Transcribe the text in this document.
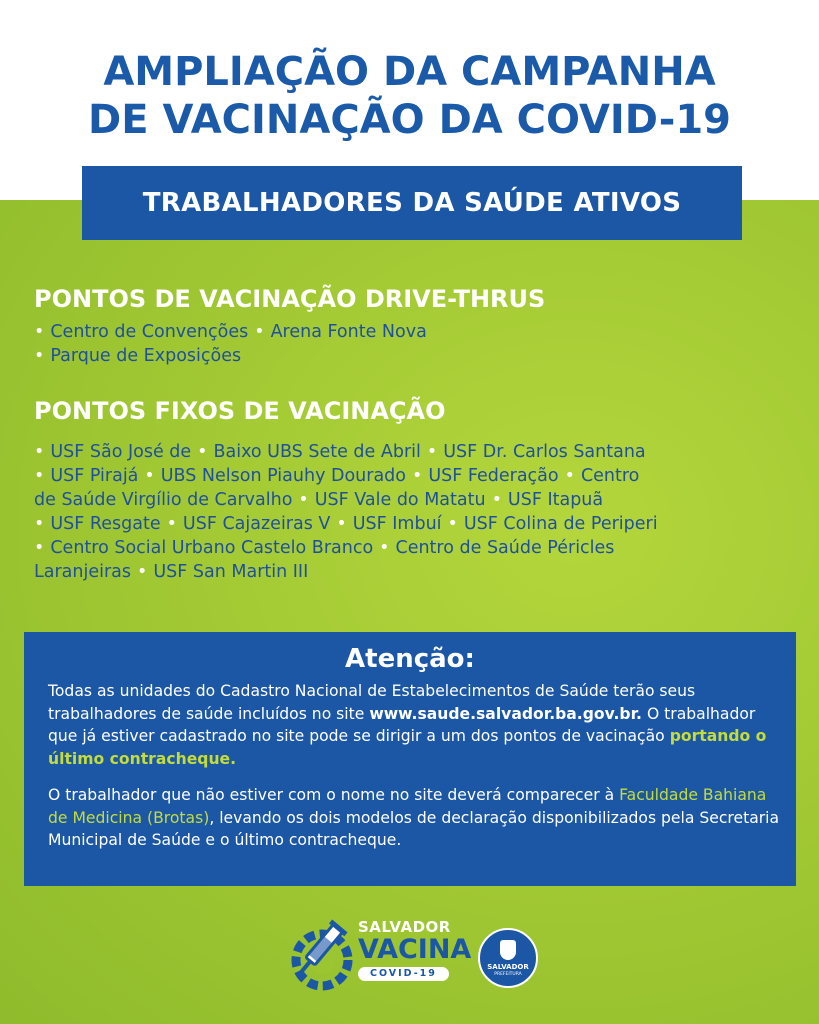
AMPLIAÇÃO DA CAMPANHA
DE VACINAÇÃO DA COVID-19
TRABALHADORES DA SAÚDE ATIVOS
PONTOS DE VACINAÇÃO DRIVE-THRUS
• Centro de Convenções • Arena Fonte Nova
• Parque de Exposições
PONTOS FIXOS DE VACINAÇÃO
• USF São José de • Baixo UBS Sete de Abril • USF Dr. Carlos Santana
• USF Pirajá • UBS Nelson Piauhy Dourado • USF Federação • Centro
de Saúde Virgílio de Carvalho • USF Vale do Matatu • USF Itapuã
• USF Resgate • USF Cajazeiras V • USF Imbuí • USF Colina de Periperi
• Centro Social Urbano Castelo Branco • Centro de Saúde Péricles
Laranjeiras • USF San Martin III
Atenção:

Todas as unidades do Cadastro Nacional de Estabelecimentos de Saúde terão seus trabalhadores de saúde incluídos no site www.saude.salvador.ba.gov.br. O trabalhador que já estiver cadastrado no site pode se dirigir a um dos pontos de vacinação portando o último contracheque.

O trabalhador que não estiver com o nome no site deverá comparecer à Faculdade Bahiana de Medicina (Brotas), levando os dois modelos de declaração disponibilizados pela Secretaria Municipal de Saúde e o último contracheque.

SALVADOR
VACINA
COVID-19
SALVADOR
PREFEITURA
